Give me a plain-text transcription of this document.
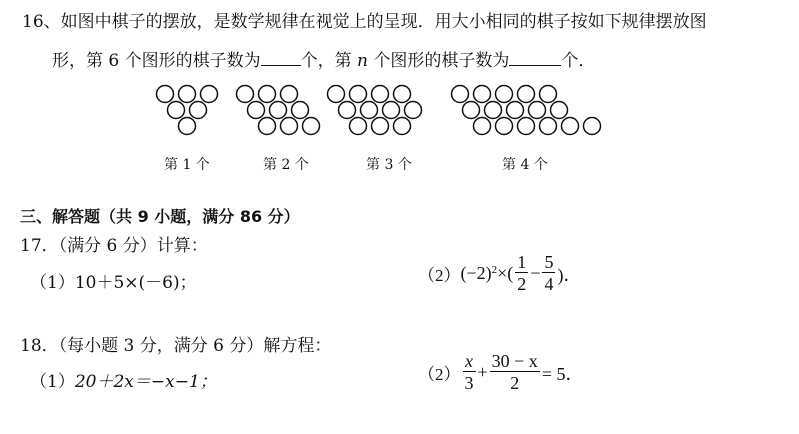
16、如图中棋子的摆放，是数学规律在视觉上的呈现．用大小相同的棋子按如下规律摆放图
形，第 6 个图形的棋子数为 个，第 n 个图形的棋子数为	个．
第 1 个	第 2 个	第 3 个	第 4 个
三、解答题（共 9 小题，满分 86 分）
17．（满分 6 分）计算：
（1）10＋5×(－6)；	（2） $(-2)^2$ ×( $\frac{1}{2} - \frac{5}{4}$ )．
18．（每小题 3 分，满分 6 分）解方程：
（1）20＋2x＝−x−1；	$(2) \frac{x}{3} + \frac{30 - x}{2} = 5$．
